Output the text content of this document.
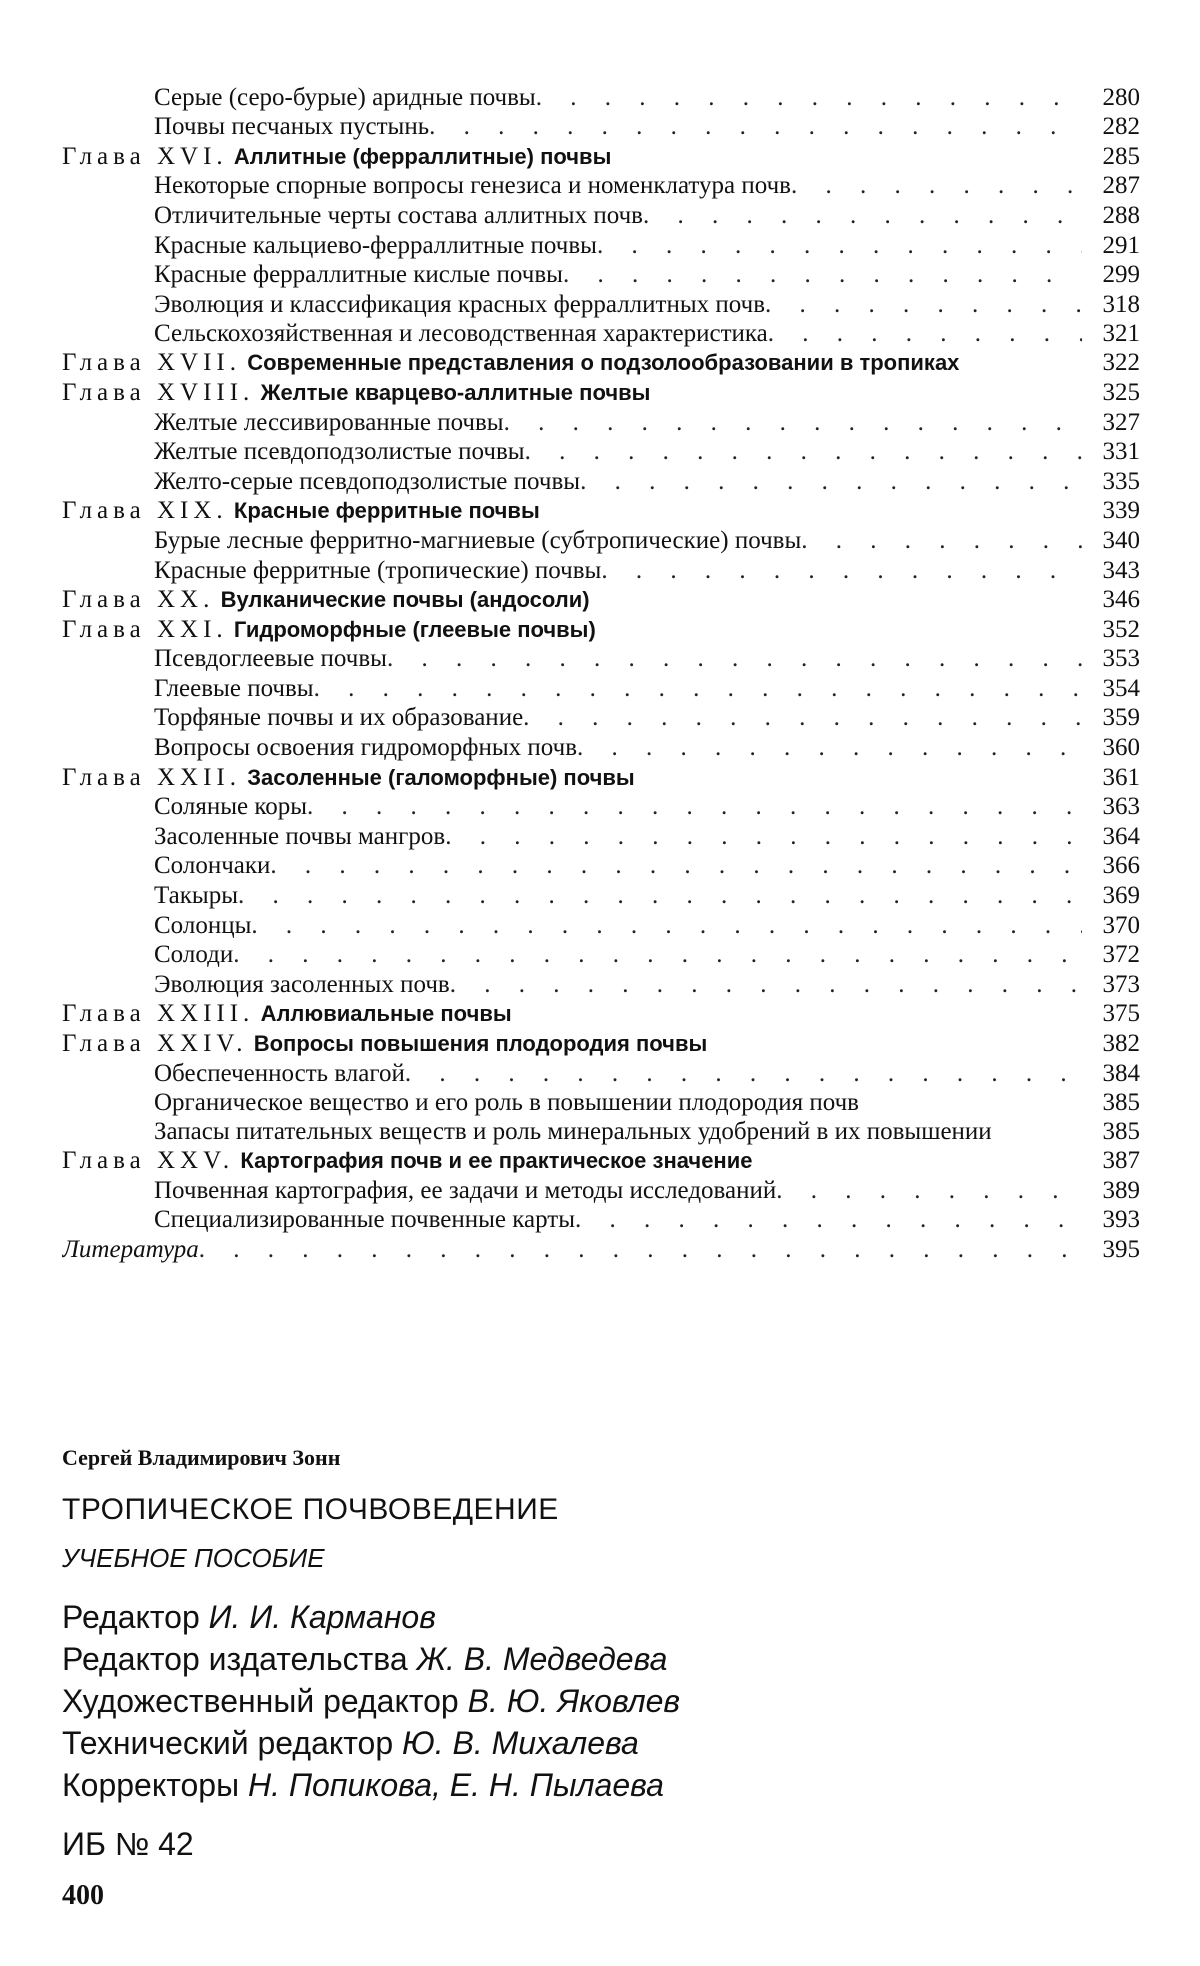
Серые (серо-бурые) аридные почвы . . .	280
Почвы песчаных пустынь . . .	282
Глава XVI. Аллитные (ферраллитные) почвы	285
Некоторые спорные вопросы генезиса и номенклатура почв . . .	287
Отличительные черты состава аллитных почв . . .	288
Красные кальциево-ферраллитные почвы . . .	291
Красные ферраллитные кислые почвы . . .	299
Эволюция и классификация красных ферраллитных почв . . .	318
Сельскохозяйственная и лесоводственная характеристика . . .	321
Глава XVII. Современные представления о подзолообразовании в тропиках	322
Глава XVIII. Желтые кварцево-аллитные почвы	325
Желтые лессивированные почвы . . .	327
Желтые псевдоподзолистые почвы . . .	331
Желто-серые псевдоподзолистые почвы . . .	335
Глава XIX. Красные ферритные почвы	339
Бурые лесные ферритно-магниевые (субтропические) почвы . . .	340
Красные ферритные (тропические) почвы . . .	343
Глава XX. Вулканические почвы (андосоли)	346
Глава XXI. Гидроморфные (глеевые почвы)	352
Псевдоглеевые почвы . . .	353
Глеевые почвы . . .	354
Торфяные почвы и их образование . . .	359
Вопросы освоения гидроморфных почв . . .	360
Глава XXII. Засоленные (галоморфные) почвы	361
Соляные коры . . .	363
Засоленные почвы мангров . . .	364
Солончаки . . .	366
Такыры . . .	369
Солонцы . . .	370
Солоди . . .	372
Эволюция засоленных почв . . .	373
Глава XXIII. Аллювиальные почвы	375
Глава XXIV. Вопросы повышения плодородия почвы	382
Обеспеченность влагой . . .	384
Органическое вещество и его роль в повышении плодородия почв	385
Запасы питательных веществ и роль минеральных удобрений в их повышении	385
Глава XXV. Картография почв и ее практическое значение	387
Почвенная картография, ее задачи и методы исследований . . .	389
Специализированные почвенные карты . . .	393
Литература . . .	395
Сергей Владимирович Зонн
ТРОПИЧЕСКОЕ ПОЧВОВЕДЕНИЕ
УЧЕБНОЕ ПОСОБИЕ
Редактор И. И. Карманов
Редактор издательства Ж. В. Медведева
Художественный редактор В. Ю. Яковлев
Технический редактор Ю. В. Михалева
Корректоры Н. Попикова, Е. Н. Пылаева
ИБ № 42
400
